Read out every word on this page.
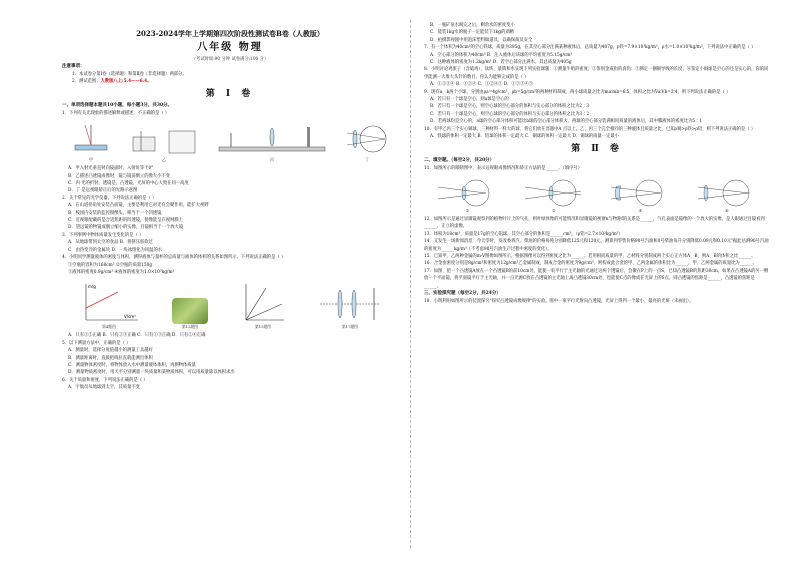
2023-2024学年上学期第四次阶段性测试卷B卷（人教版）
八年级 物理
（考试时间:90 分钟 试卷满分:100 分）
注意事项：
1．本试卷分第Ⅰ卷（选择题）和第Ⅱ卷（非选择题）两部分。
2．测试范围：人教版八上:5.4——6.4。
第 Ⅰ 卷
一、单项选择题本题共10小题，每小题3分，共30分。
1．下列有关光现象的描述解释或描述，不正确的是（ ）
甲	乙	丙	丁
A．甲入射光垂直射向镜面时，入射角等于0°
B．乙描述凸透镜成像时，镜与镜前倒立的像大小不变
C．丙 光的折射，透镜是，凸透镜，光屏的中心大致在同一高度
D．丁 是远视眼矫正后的光路示意图
2．关于常见的光学仪器，下列说法正确的是（ ）
A．在山道拐角处安装凸面镜，主要是利用它对光有会聚作用，能扩大视野
B．校园内安装的监控摄像头，相当于一个凹透镜
C．近视眼配戴的是合适焦距的凹透镜，使像能呈在视网膜上
D．望远镜的物镜成倒立缩小的实像，目镜相当于一个放大镜
3．下列事例中物体质量发生变化的是（ ）
A．从地球带到太空的食品 B．将挤压胶软过
C．由热变冷的金属块 D．一块冰熔化为同温的水
4．小明同学测量液体的密度与体积，测得液体与量杯的总质量与液体的体积的关系如图所示，下列说法正确的是（ ）
①空瓶的容积为168cm³ ②空瓶的质量150g
③液体的密度0.9g/cm³ ④液体的密度为1.0×10³kg/m³
m/g
V/cm³
第4题图	第12题图	第15题图	第17题图
A．只有①②正确 B．只有②③正确 C．只有①③正确 D．只有②④正确
5．以下测量方法中，正确的是（ ）
A．测量时，选择分度值越小的测量工具越好
B．测量距离时，直接把线拉直就能测出体积
C．测量物体密度时，将物体放入水中测量液体体积，再测物体质量
D．测量物质密度时，用天平分别测量一块质量和某物质体积，可以用质量除以体积求出
6．关于质量和密度，下列说法正确的是（ ）
A．宇航员从地球到太空，其质量不变
B．一瓶矿泉水喝完之后，剩余水的密度变小
C．能装1kg水的瓶子一定能装下1kg的酒精
D．拍摄影视剧中用泡沫塑料做道具，以确保演员安全
7．有一个体积为40cm³的空心铁球，质量为395g，在其空心部分注满某种液体后，总质量为407g，ρ铁=7.9×10³kg/m³，ρ水=1.0×10³kg/m³，下列说法中正确的是（ ）
A．空心部分的体积为40cm³ B．注入液体后该球的平均密度为5.15g/cm³
C．这种液体的密度为1.2kg/m³ D．若空心部分注满水，其总质量为405g
8．小明讨论鸡蛋子（含硫鸡），钛铁、量筒和水实现下列实验课题：①测量牛奶的密度；②鉴别金戒指的真伪；③测定一捆铜导线的长度；④鉴定小铜球是空心的还是实心的，你的同学能测一大堆大头针的数目，你认为能够完成的是（ ）
A．①②③④ B．①②④ C．①②④⑤ D．①②③④⑤
9．现有a、b两个小球，分别由ρa=4g/cm³、ρb=5g/cm³的两种材料制成，两小球质量之比为ma∶mb=6∶5，体积之比为Va∶Vb=3∶4，则下列说法正确的是（ ）
A．若只有一个球是空心，则a球是空心的
B．若只有一个球是空心，则空心球的空心部分的体积与实心部分的体积之比为2∶3
C．若只有一个球是空心，则空心球的空心部分的体积与实心部分的体积之比为3∶2
D．若两球均是空心的，a球的空心部分体积可能比b球的空心部分体积大，两球的空心部分装满相同质量的液体后，其中哪液体的密度比为5∶1
10．有甲乙丙三个实心铜球，三种材料一样大的球，将它们放在容器中A 点以上，乙、丙三个完全相同的三种液体且质量之比，已知ρ铜>ρ铁>ρ铝，则下列说法正确的是（ ）
A．铁球的体积一定最大 B．铝球的体积一定最大 C．铜球的体积一定最大 D．铜球的质量一定最小
第 Ⅱ 卷
二、填空题。（每空2分，共20分）
11．如图所示的眼睛图中，表示远视眼成像情况和矫正方法的是______。（填序号）
①	②	③	④
12．如图所示是通过显微镜观察到的植物叶片上的气孔，则叶绿体像的可能情况和显微镜的视窗n与物距f的关系是______，气孔表面是镜像的一个放大的实像，是人眼通过目镜看到______，正立的虚像。
13．体积为18cm³，质量是17g的空心铝球，其空心部分的体积是______cm³。（ρ铝=2.7×10³kg/m³）
14．又发生一场新闻消息：今天零时，发改委将汽、柴油的价格每吨分别降低125元和120元，测算到零售价格90号汽油和0号柴油每升分别降低0.09元和0.10元"据此估测90号汽油的密度为______kg/m³（不考虑90号汽油生产过程中密度的变化）。
15．已知甲、乙两种金属的m-V图像如图所示，根据图像可以得到密度之比为______；若用相同质量的甲、乙材料分别制成两个实心正方体A、B，则A、B的体积之比______。
16．合金由密度分别是8g/cm³和密度为12g/cm³乙金属制成，制成合金的密度为9g/cm³，则构成此合金的甲、乙两金属的体积比为______，甲、乙两金属的质量比为______。
17．如图，把一个凸透镜A放在一个凸透镜B的前10cm处，能使一束平行于主光轴的光通过这两个透镜后，会聚在P上的一点S，已知凸透镜B的焦距30cm，如果在凸透镜A的另一侧放一个平面镜，将平面镜平行于主光轴，并一点光源C放在凸透镜的主光轴上离凸透镜30cm处，也能使C点的像成在光屏上的S点，则凸透镜的焦距是______，凸透镜的焦距是______。
三、实验探究题（每空2分，共24分）
18．小明利用如图所示的装置探究"探究凸透镜成像规律"的实验。图中一束平行光射向凸透镜，光屏上得到一个最小、最亮的光斑（未画出）。
